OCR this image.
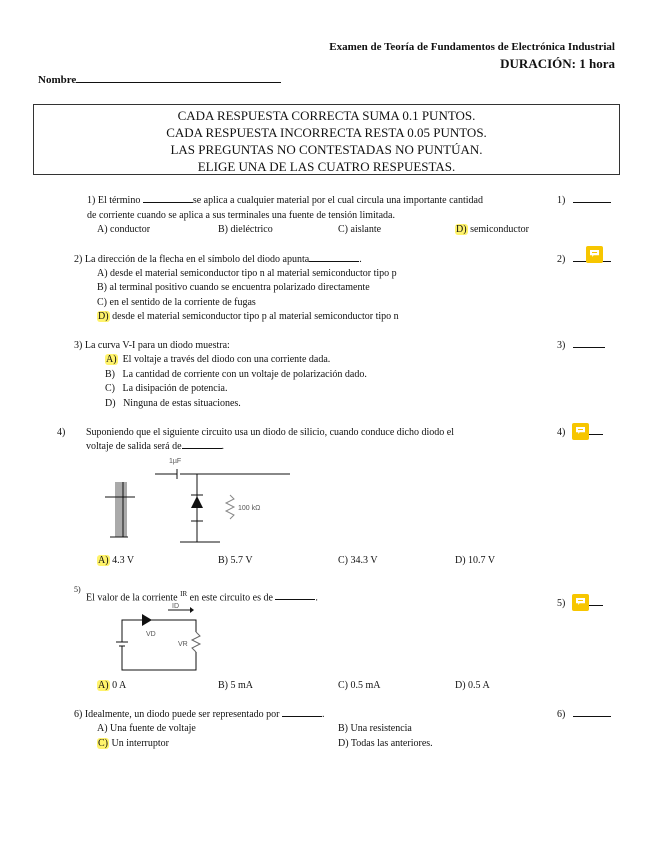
Examen de Teoría de Fundamentos de Electrónica Industrial
DURACIÓN: 1 hora
Nombre
CADA RESPUESTA CORRECTA SUMA 0.1 PUNTOS.
CADA RESPUESTA INCORRECTA RESTA 0.05 PUNTOS.
LAS PREGUNTAS NO CONTESTADAS NO PUNTÚAN.
ELIGE UNA DE LAS CUATRO RESPUESTAS.
1) El término	se aplica a cualquier material por el cual circula una importante cantidad
de corriente cuando se aplica a sus terminales una fuente de tensión limitada.
A) conductor	B) dieléctrico	C) aislante	D) semiconductor
1)
2) La dirección de la flecha en el símbolo del diodo apunta	.
A) desde el material semiconductor tipo n al material semiconductor tipo p
B) al terminal positivo cuando se encuentra polarizado directamente
C) en el sentido de la corriente de fugas
D) desde el material semiconductor tipo p al material semiconductor tipo n
2)
3) La curva V-I para un diodo muestra:
A) El voltaje a través del diodo con una corriente dada.
B) La cantidad de corriente con un voltaje de polarización dado.
C) La disipación de potencia.
D) Ninguna de estas situaciones.
3)
4) Suponiendo que el siguiente circuito usa un diodo de silicio, cuando conduce dicho diodo el
voltaje de salida será de	.
1µF
100 kΩ
A) 4.3 V	B) 5.7 V	C) 34.3 V	D) 10.7 V
4)
5)
El valor de la corriente $^{IR}$ en este circuito es de	.
ID
VD
VR
A) 0 A	B) 5 mA	C) 0.5 mA	D) 0.5 A
5)
6) Idealmente, un diodo puede ser representado por	.
A) Una fuente de voltaje	B) Una resistencia
C) Un interruptor	D) Todas las anteriores.
6)
